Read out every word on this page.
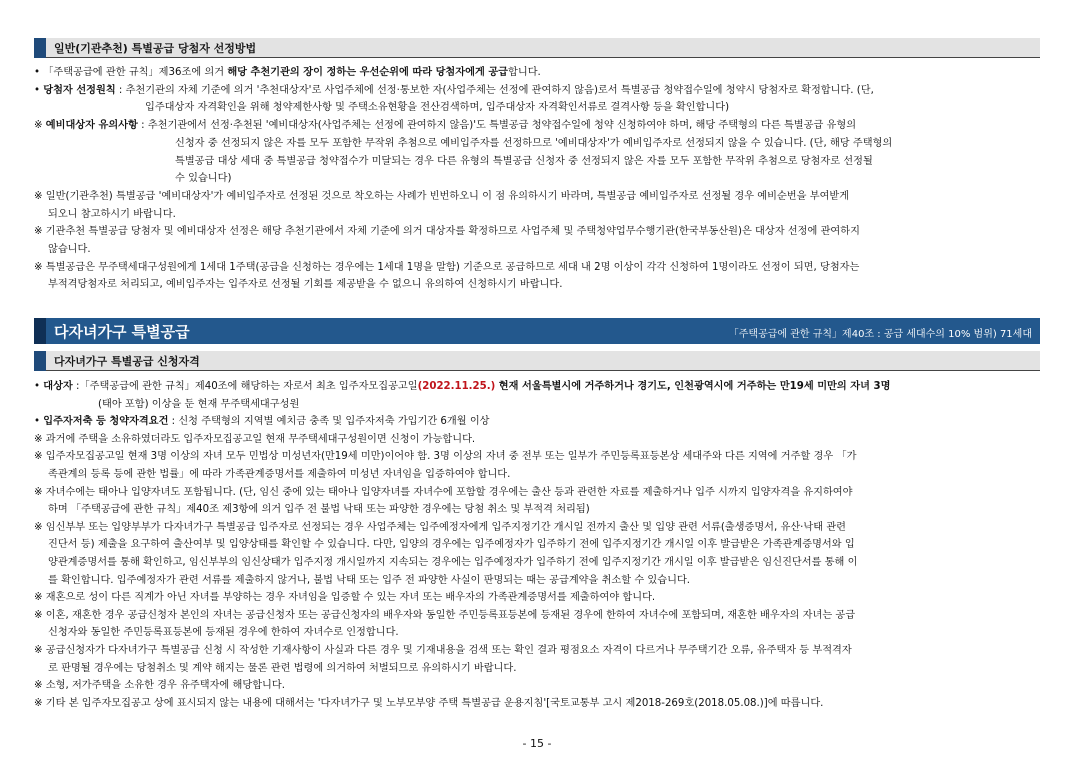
일반(기관추천) 특별공급 당첨자 선정방법
• 「주택공급에 관한 규칙」제36조에 의거 해당 추천기관의 장이 정하는 우선순위에 따라 당첨자에게 공급합니다.
• 당첨자 선정원칙 : 추천기관의 자체 기준에 의거 '추천대상자'로 사업주체에 선정·통보한 자(사업주체는 선정에 관여하지 않음)로서 특별공급 청약접수일에 청약시 당첨자로 확정합니다. (단,
입주대상자 자격확인을 위해 청약제한사항 및 주택소유현황을 전산검색하며, 입주대상자 자격확인서류로 결격사항 등을 확인합니다)
※ 예비대상자 유의사항 : 추천기관에서 선정·추천된 '예비대상자(사업주체는 선정에 관여하지 않음)'도 특별공급 청약접수일에 청약 신청하여야 하며, 해당 주택형의 다른 특별공급 유형의
신청자 중 선정되지 않은 자를 모두 포함한 무작위 추첨으로 예비입주자를 선정하므로 '예비대상자'가 예비입주자로 선정되지 않을 수 있습니다. (단, 해당 주택형의
특별공급 대상 세대 중 특별공급 청약접수가 미달되는 경우 다른 유형의 특별공급 신청자 중 선정되지 않은 자를 모두 포함한 무작위 추첨으로 당첨자로 선정될
수 있습니다)
※ 일반(기관추천) 특별공급 '예비대상자'가 예비입주자로 선정된 것으로 착오하는 사례가 빈번하오니 이 점 유의하시기 바라며, 특별공급 예비입주자로 선정될 경우 예비순번을 부여받게
되오니 참고하시기 바랍니다.
※ 기관추천 특별공급 당첨자 및 예비대상자 선정은 해당 추천기관에서 자체 기준에 의거 대상자를 확정하므로 사업주체 및 주택청약업무수행기관(한국부동산원)은 대상자 선정에 관여하지
않습니다.
※ 특별공급은 무주택세대구성원에게 1세대 1주택(공급을 신청하는 경우에는 1세대 1명을 말함) 기준으로 공급하므로 세대 내 2명 이상이 각각 신청하여 1명이라도 선정이 되면, 당첨자는
부적격당첨자로 처리되고, 예비입주자는 입주자로 선정될 기회를 제공받을 수 없으니 유의하여 신청하시기 바랍니다.
다자녀가구 특별공급	「주택공급에 관한 규칙」제40조 : 공급 세대수의 10% 범위) 71세대
다자녀가구 특별공급 신청자격
• 대상자 :「주택공급에 관한 규칙」제40조에 해당하는 자로서 최초 입주자모집공고일(2022.11.25.) 현재 서울특별시에 거주하거나 경기도, 인천광역시에 거주하는 만19세 미만의 자녀 3명
(태아 포함) 이상을 둔 현재 무주택세대구성원
• 입주자저축 등 청약자격요건 : 신청 주택형의 지역별 예치금 충족 및 입주자저축 가입기간 6개월 이상
※ 과거에 주택을 소유하였더라도 입주자모집공고일 현재 무주택세대구성원이면 신청이 가능합니다.
※ 입주자모집공고일 현재 3명 이상의 자녀 모두 민법상 미성년자(만19세 미만)이어야 함. 3명 이상의 자녀 중 전부 또는 일부가 주민등록표등본상 세대주와 다른 지역에 거주할 경우 「가
족관계의 등록 등에 관한 법률」에 따라 가족관계증명서를 제출하여 미성년 자녀임을 입증하여야 합니다.
※ 자녀수에는 태아나 입양자녀도 포함됩니다. (단, 임신 중에 있는 태아나 입양자녀를 자녀수에 포함할 경우에는 출산 등과 관련한 자료를 제출하거나 입주 시까지 입양자격을 유지하여야
하며 「주택공급에 관한 규칙」제40조 제3항에 의거 입주 전 불법 낙태 또는 파양한 경우에는 당첨 취소 및 부적격 처리됨)
※ 임신부부 또는 입양부부가 다자녀가구 특별공급 입주자로 선정되는 경우 사업주체는 입주예정자에게 입주지정기간 개시일 전까지 출산 및 입양 관련 서류(출생증명서, 유산·낙태 관련
진단서 등) 제출을 요구하여 출산여부 및 입양상태를 확인할 수 있습니다. 다만, 입양의 경우에는 입주예정자가 입주하기 전에 입주지정기간 개시일 이후 발급받은 가족관계증명서와 입
양관계증명서를 통해 확인하고, 임신부부의 임신상태가 입주지정 개시일까지 지속되는 경우에는 입주예정자가 입주하기 전에 입주지정기간 개시일 이후 발급받은 임신진단서를 통해 이
를 확인합니다. 입주예정자가 관련 서류를 제출하지 않거나, 불법 낙태 또는 입주 전 파양한 사실이 판명되는 때는 공급계약을 취소할 수 있습니다.
※ 재혼으로 성이 다른 직계가 아닌 자녀를 부양하는 경우 자녀임을 입증할 수 있는 자녀 또는 배우자의 가족관계증명서를 제출하여야 합니다.
※ 이혼, 재혼한 경우 공급신청자 본인의 자녀는 공급신청자 또는 공급신청자의 배우자와 동일한 주민등록표등본에 등재된 경우에 한하여 자녀수에 포함되며, 재혼한 배우자의 자녀는 공급
신청자와 동일한 주민등록표등본에 등재된 경우에 한하여 자녀수로 인정합니다.
※ 공급신청자가 다자녀가구 특별공급 신청 시 작성한 기재사항이 사실과 다른 경우 및 기재내용을 검색 또는 확인 결과 평점요소 자격이 다르거나 무주택기간 오류, 유주택자 등 부적격자
로 판명될 경우에는 당첨취소 및 계약 해지는 물론 관련 법령에 의거하여 처벌되므로 유의하시기 바랍니다.
※ 소형, 저가주택을 소유한 경우 유주택자에 해당합니다.
※ 기타 본 입주자모집공고 상에 표시되지 않는 내용에 대해서는 '다자녀가구 및 노부모부양 주택 특별공급 운용지침'[국토교통부 고시 제2018-269호(2018.05.08.)]에 따릅니다.
- 15 -
